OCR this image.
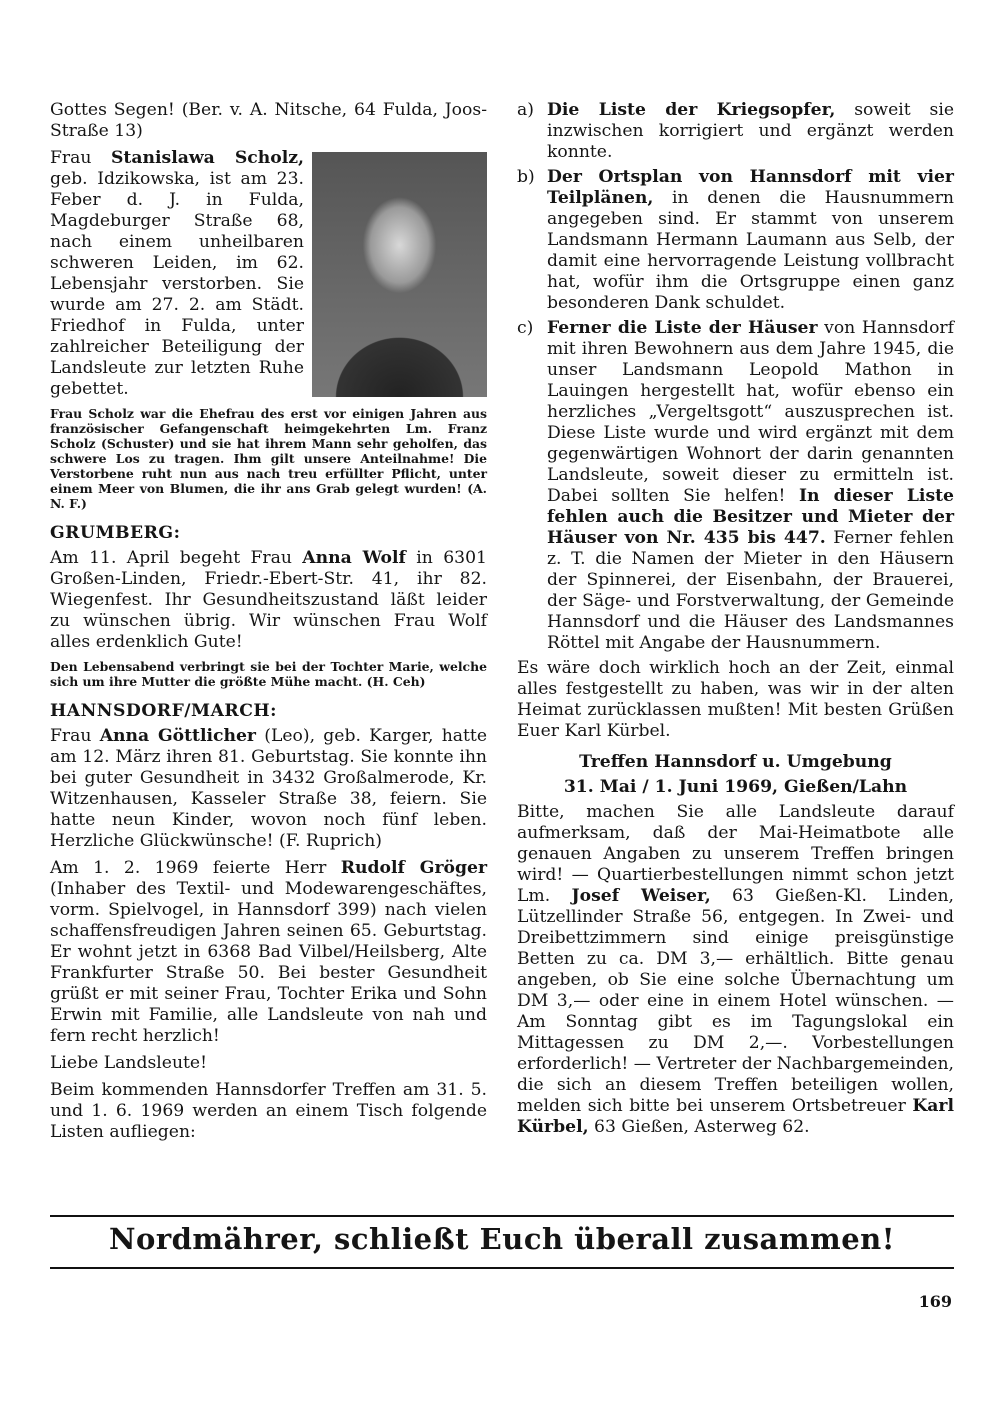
Gottes Segen! (Ber. v. A. Nitsche, 64 Fulda, Joos-Straße 13)

Frau Stanislawa Scholz, geb. Idzikowska, ist am 23. Feber d. J. in Fulda, Magdeburger Straße 68, nach einem unheilbaren schweren Leiden, im 62. Lebensjahr verstorben. Sie wurde am 27. 2. am Städt. Friedhof in Fulda, unter zahlreicher Beteiligung der Landsleute zur letzten Ruhe gebettet.

Frau Scholz war die Ehefrau des erst vor einigen Jahren aus französischer Gefangenschaft heimgekehrten Lm. Franz Scholz (Schuster) und sie hat ihrem Mann sehr geholfen, das schwere Los zu tragen. Ihm gilt unsere Anteilnahme! Die Verstorbene ruht nun aus nach treu erfüllter Pflicht, unter einem Meer von Blumen, die ihr ans Grab gelegt wurden! (A. N. F.)

GRUMBERG:

Am 11. April begeht Frau Anna Wolf in 6301 Großen-Linden, Friedr.-Ebert-Str. 41, ihr 82. Wiegenfest. Ihr Gesundheitszustand läßt leider zu wünschen übrig. Wir wünschen Frau Wolf alles erdenklich Gute!

Den Lebensabend verbringt sie bei der Tochter Marie, welche sich um ihre Mutter die größte Mühe macht. (H. Ceh)

HANNSDORF/MARCH:

Frau Anna Göttlicher (Leo), geb. Karger, hatte am 12. März ihren 81. Geburtstag. Sie konnte ihn bei guter Gesundheit in 3432 Großalmerode, Kr. Witzenhausen, Kasseler Straße 38, feiern. Sie hatte neun Kinder, wovon noch fünf leben. Herzliche Glückwünsche! (F. Ruprich)

Am 1. 2. 1969 feierte Herr Rudolf Gröger (Inhaber des Textil- und Modewarengeschäftes, vorm. Spielvogel, in Hannsdorf 399) nach vielen schaffensfreudigen Jahren seinen 65. Geburtstag. Er wohnt jetzt in 6368 Bad Vilbel/Heilsberg, Alte Frankfurter Straße 50. Bei bester Gesundheit grüßt er mit seiner Frau, Tochter Erika und Sohn Erwin mit Familie, alle Landsleute von nah und fern recht herzlich!

Liebe Landsleute!

Beim kommenden Hannsdorfer Treffen am 31. 5. und 1. 6. 1969 werden an einem Tisch folgende Listen aufliegen:

a) Die Liste der Kriegsopfer, soweit sie inzwischen korrigiert und ergänzt werden konnte.
b) Der Ortsplan von Hannsdorf mit vier Teilplänen, in denen die Hausnummern angegeben sind. Er stammt von unserem Landsmann Hermann Laumann aus Selb, der damit eine hervorragende Leistung vollbracht hat, wofür ihm die Ortsgruppe einen ganz besonderen Dank schuldet.
c) Ferner die Liste der Häuser von Hannsdorf mit ihren Bewohnern aus dem Jahre 1945, die unser Landsmann Leopold Mathon in Lauingen hergestellt hat, wofür ebenso ein herzliches „Vergeltsgott“ auszusprechen ist. Diese Liste wurde und wird ergänzt mit dem gegenwärtigen Wohnort der darin genannten Landsleute, soweit dieser zu ermitteln ist. Dabei sollten Sie helfen! In dieser Liste fehlen auch die Besitzer und Mieter der Häuser von Nr. 435 bis 447. Ferner fehlen z. T. die Namen der Mieter in den Häusern der Spinnerei, der Eisenbahn, der Brauerei, der Säge- und Forstverwaltung, der Gemeinde Hannsdorf und die Häuser des Landsmannes Röttel mit Angabe der Hausnummern.

Es wäre doch wirklich hoch an der Zeit, einmal alles festgestellt zu haben, was wir in der alten Heimat zurücklassen mußten! Mit besten Grüßen Euer Karl Kürbel.

Treffen Hannsdorf u. Umgebung

31. Mai / 1. Juni 1969, Gießen/Lahn

Bitte, machen Sie alle Landsleute darauf aufmerksam, daß der Mai-Heimatbote alle genauen Angaben zu unserem Treffen bringen wird! — Quartierbestellungen nimmt schon jetzt Lm. Josef Weiser, 63 Gießen-Kl. Linden, Lützellinder Straße 56, entgegen. In Zwei- und Dreibettzimmern sind einige preisgünstige Betten zu ca. DM 3,— erhältlich. Bitte genau angeben, ob Sie eine solche Übernachtung um DM 3,— oder eine in einem Hotel wünschen. — Am Sonntag gibt es im Tagungslokal ein Mittagessen zu DM 2,—. Vorbestellungen erforderlich! — Vertreter der Nachbargemeinden, die sich an diesem Treffen beteiligen wollen, melden sich bitte bei unserem Ortsbetreuer Karl Kürbel, 63 Gießen, Asterweg 62.

Nordmährer, schließt Euch überall zusammen!
169
